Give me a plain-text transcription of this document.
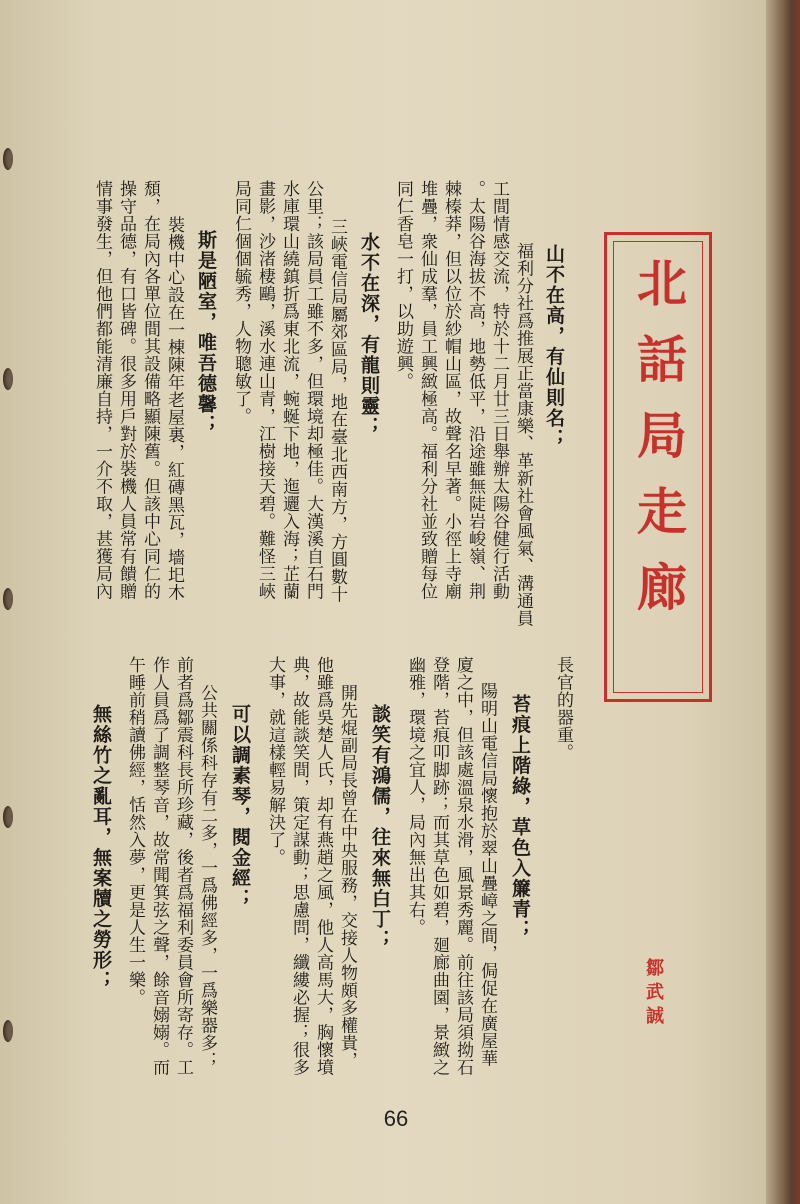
北話局走廊
鄒武誠
山不在高，有仙則名；
福利分社爲推展正當康樂、革新社會風氣、溝通員
工間情感交流，特於十二月廿三日舉辦太陽谷健行活動
。太陽谷海拔不高，地勢低平，沿途雖無陡岩峻嶺、荆
棘榛莽，但以位於紗帽山區，故聲名早著。小徑上寺廟
堆疊，衆仙成羣，員工興緻極高。福利分社並致贈每位
同仁香皂一打，以助遊興。
水不在深，有龍則靈；
三峽電信局屬郊區局，地在臺北西南方，方圓數十
公里；該局員工雖不多，但環境却極佳。大漢溪自石門
水庫環山繞鎮折爲東北流，蜿蜒下地，迤邐入海；芷蘭
畫影，沙渚棲鷗，溪水連山青，江樹接天碧。難怪三峽
局同仁個個毓秀，人物聰敏了。
斯是陋室，唯吾德馨；
裝機中心設在一棟陳年老屋裏，紅磚黑瓦，墻圯木
頹，在局內各單位間其設備略顯陳舊。但該中心同仁的
操守品德，有口皆碑。很多用戶對於裝機人員常有饋贈
情事發生，但他們都能清廉自持，一介不取，甚獲局內
長官的器重。
苔痕上階綠，草色入簾青；
陽明山電信局懷抱於翠山疊嶂之間，侷促在廣屋華
廈之中，但該處溫泉水滑，風景秀麗。前往該局須拗石
登階，苔痕叩脚跡；而其草色如碧，廻廊曲園，景緻之
幽雅，環境之宜人，局內無出其右。
談笑有鴻儒，往來無白丁；
開先焜副局長曾在中央服務，交接人物頗多權貴，
他雖爲吳楚人氏，却有燕趙之風，他人高馬大，胸懷墳
典，故能談笑間，策定謀動；思慮問，纖縷必握；很多
大事，就這樣輕易解決了。
可以調素琴，閱金經；
公共關係科存有二多，一爲佛經多，一爲樂器多；
前者爲鄒震科長所珍藏，後者爲福利委員會所寄存。工
作人員爲了調整琴音，故常聞箕弦之聲，餘音嫋嫋。而
午睡前稍讀佛經，恬然入夢，更是人生一樂。
無絲竹之亂耳，無案牘之勞形；
66
